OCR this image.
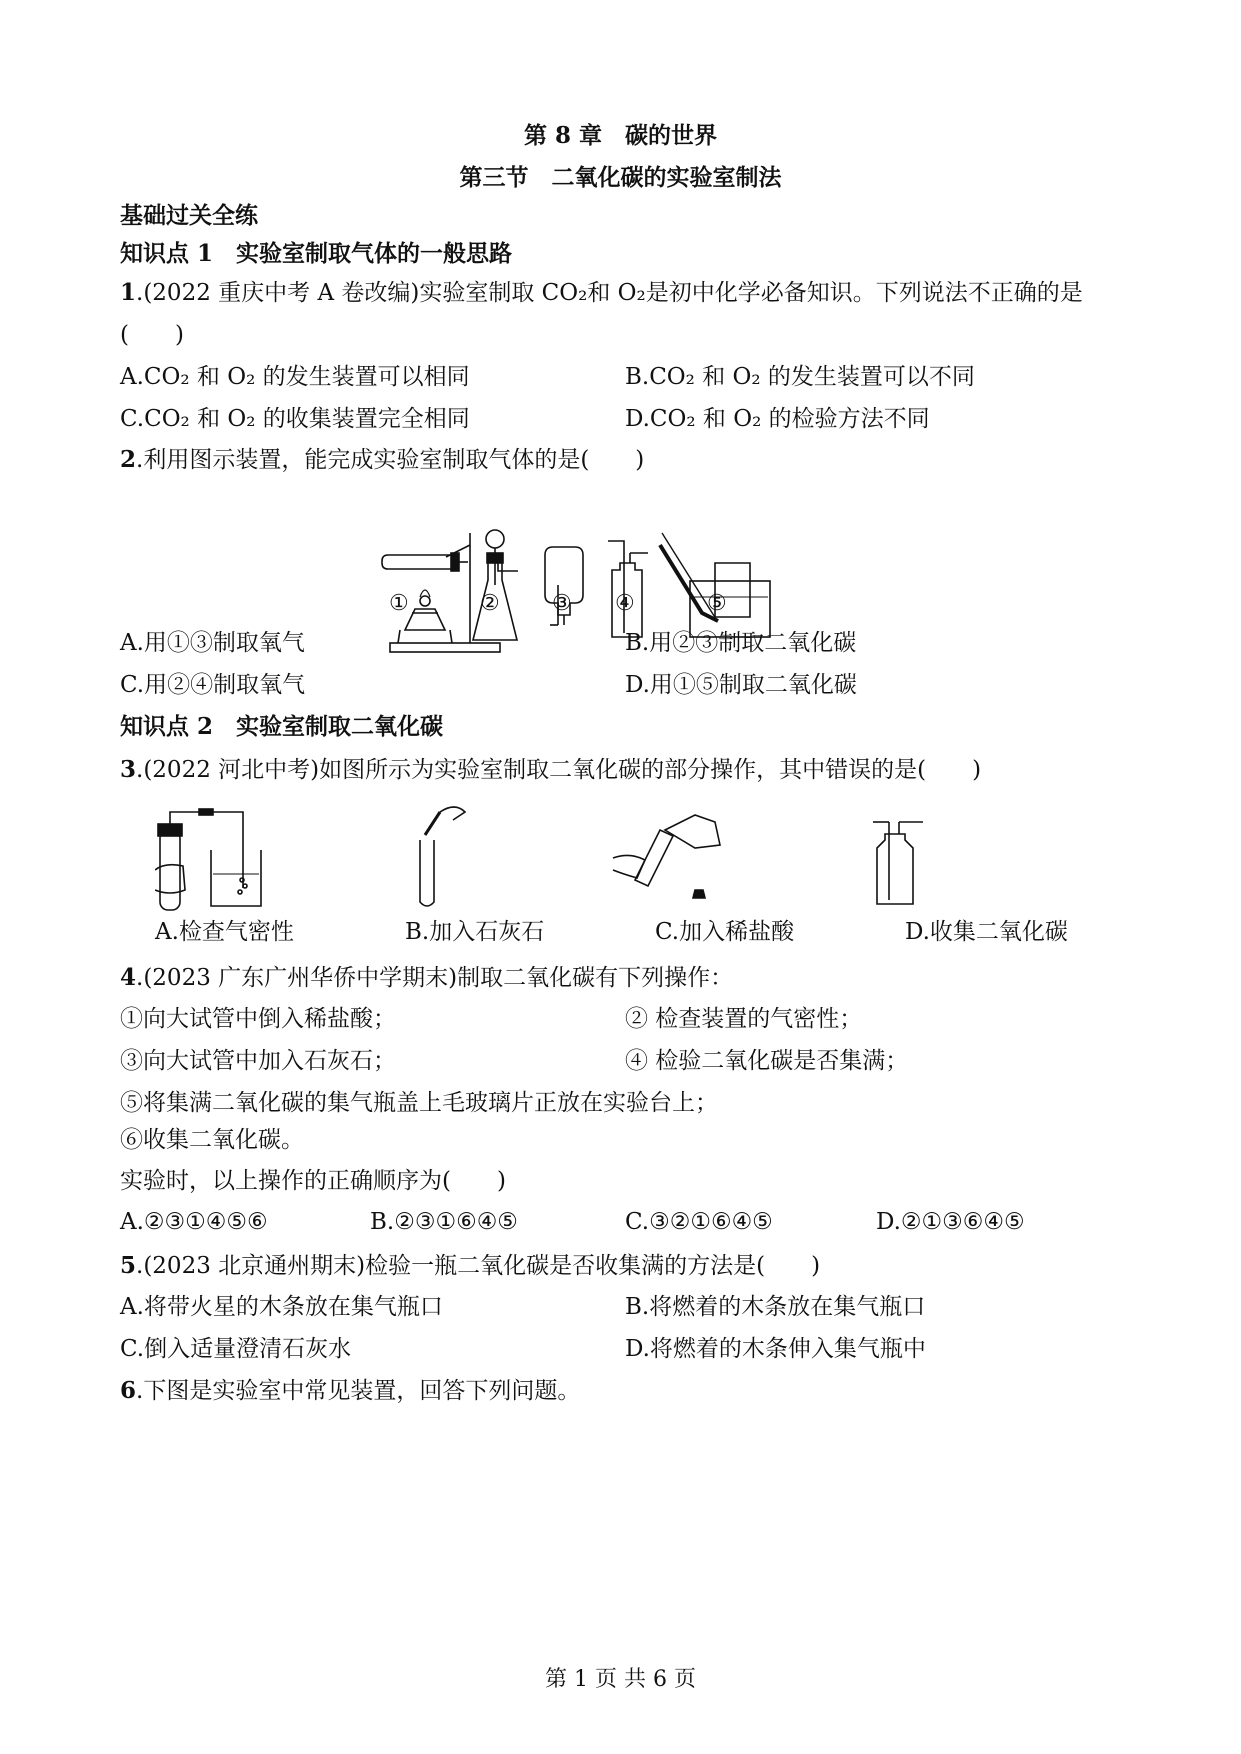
第 8 章　碳的世界
第三节　二氧化碳的实验室制法
基础过关全练
知识点 1　实验室制取气体的一般思路
1.(2022 重庆中考 A 卷改编)实验室制取 CO₂和 O₂是初中化学必备知识。下列说法不正确的是
(　　)
A.CO₂ 和 O₂ 的发生装置可以相同	B.CO₂ 和 O₂ 的发生装置可以不同
C.CO₂ 和 O₂ 的收集装置完全相同	D.CO₂ 和 O₂ 的检验方法不同
2.利用图示装置，能完成实验室制取气体的是(　　)
①	② ③ ④	⑤
A.用①③制取氧气	B.用②③制取二氧化碳
C.用②④制取氧气	D.用①⑤制取二氧化碳
知识点 2　实验室制取二氧化碳
3.(2022 河北中考)如图所示为实验室制取二氧化碳的部分操作，其中错误的是(　　)
A.检查气密性	B.加入石灰石	C.加入稀盐酸	D.收集二氧化碳
4.(2023 广东广州华侨中学期末)制取二氧化碳有下列操作：
①向大试管中倒入稀盐酸；	② 检查装置的气密性；
③向大试管中加入石灰石；	④ 检验二氧化碳是否集满；
⑤将集满二氧化碳的集气瓶盖上毛玻璃片正放在实验台上；
⑥收集二氧化碳。
实验时，以上操作的正确顺序为(　　)
A.②③①④⑤⑥	B.②③①⑥④⑤	C.③②①⑥④⑤	D.②①③⑥④⑤
5.(2023 北京通州期末)检验一瓶二氧化碳是否收集满的方法是(　　)
A.将带火星的木条放在集气瓶口	B.将燃着的木条放在集气瓶口
C.倒入适量澄清石灰水	D.将燃着的木条伸入集气瓶中
6.下图是实验室中常见装置，回答下列问题。
第 1 页 共 6 页
